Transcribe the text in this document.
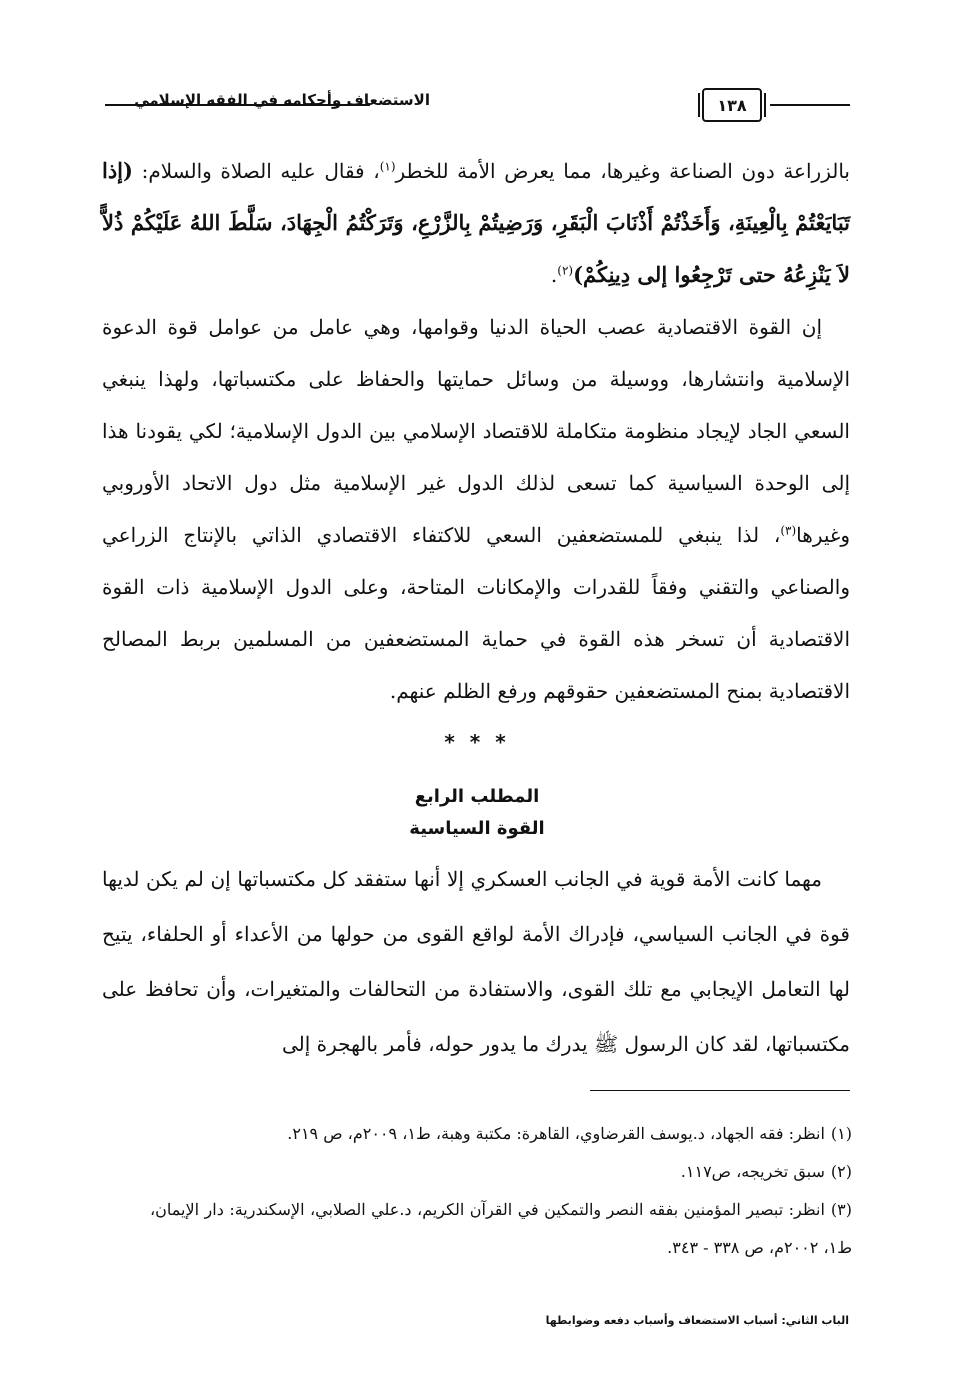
١٣٨
الاستضعاف وأحكامه في الفقه الإسلامي

بالزراعة دون الصناعة وغيرها، مما يعرض الأمة للخطر$^{(١)}$، فقال عليه الصلاة والسلام: (إذا تَبَايَعْتُمْ بِالْعِينَةِ، وَأَخَذْتُمْ أَذْنَابَ الْبَقَرِ، وَرَضِيتُمْ بِالزَّرْعِ، وَتَرَكْتُمُ الْجِهَادَ، سَلَّطَ اللهُ عَلَيْكُمْ ذُلاًّ لاَ يَنْزِعُهُ حتى تَرْجِعُوا إلى دِينِكُمْ)$^{(٢)}$.

إن القوة الاقتصادية عصب الحياة الدنيا وقوامها، وهي عامل من عوامل قوة الدعوة الإسلامية وانتشارها، ووسيلة من وسائل حمايتها والحفاظ على مكتسباتها، ولهذا ينبغي السعي الجاد لإيجاد منظومة متكاملة للاقتصاد الإسلامي بين الدول الإسلامية؛ لكي يقودنا هذا إلى الوحدة السياسية كما تسعى لذلك الدول غير الإسلامية مثل دول الاتحاد الأوروبي وغيرها$^{(٣)}$، لذا ينبغي للمستضعفين السعي للاكتفاء الاقتصادي الذاتي بالإنتاج الزراعي والصناعي والتقني وفقاً للقدرات والإمكانات المتاحة، وعلى الدول الإسلامية ذات القوة الاقتصادية أن تسخر هذه القوة في حماية المستضعفين من المسلمين بربط المصالح الاقتصادية بمنح المستضعفين حقوقهم ورفع الظلم عنهم.

* * *
المطلب الرابع
القوة السياسية

مهما كانت الأمة قوية في الجانب العسكري إلا أنها ستفقد كل مكتسباتها إن لم يكن لديها قوة في الجانب السياسي، فإدراك الأمة لواقع القوى من حولها من الأعداء أو الحلفاء، يتيح لها التعامل الإيجابي مع تلك القوى، والاستفادة من التحالفات والمتغيرات، وأن تحافظ على مكتسباتها، لقد كان الرسول ﷺ يدرك ما يدور حوله، فأمر بالهجرة إلى

(١)انظر: فقه الجهاد، د.يوسف القرضاوي، القاهرة: مكتبة وهبة، ط١، ٢٠٠٩م، ص ٢١٩.

(٢)سبق تخريجه، ص١١٧.

(٣)انظر: تبصير المؤمنين بفقه النصر والتمكين في القرآن الكريم، د.علي الصلابي، الإسكندرية: دار الإيمان، ط١، ٢٠٠٢م، ص ٣٣٨ - ٣٤٣.

الباب الثاني: أسباب الاستضعاف وأسباب دفعه وضوابطها
